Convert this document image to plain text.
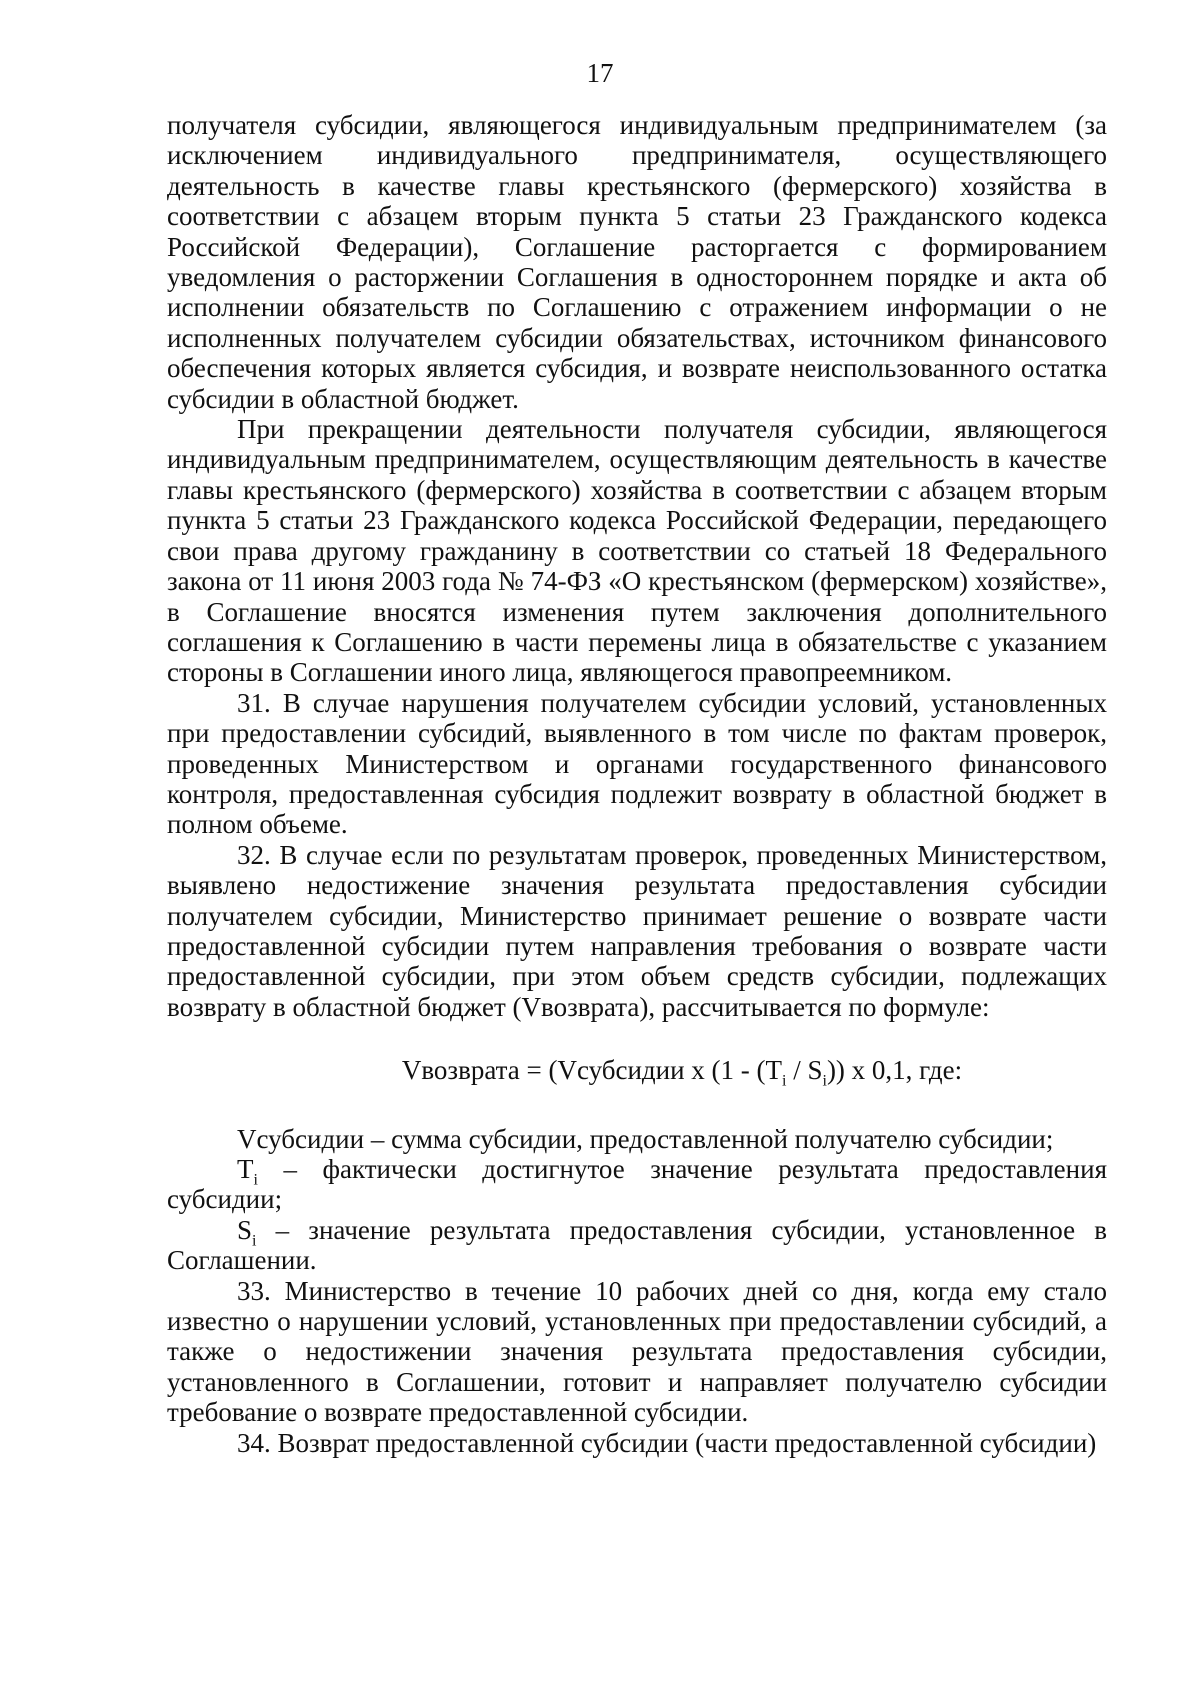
17

получателя субсидии, являющегося индивидуальным предпринимателем (за исключением индивидуального предпринимателя, осуществляющего деятельность в качестве главы крестьянского (фермерского) хозяйства в соответствии с абзацем вторым пункта 5 статьи 23 Гражданского кодекса Российской Федерации), Соглашение расторгается с формированием уведомления о расторжении Соглашения в одностороннем порядке и акта об исполнении обязательств по Соглашению с отражением информации о не исполненных получателем субсидии обязательствах, источником финансового обеспечения которых является субсидия, и возврате неиспользованного остатка субсидии в областной бюджет.

При прекращении деятельности получателя субсидии, являющегося индивидуальным предпринимателем, осуществляющим деятельность в качестве главы крестьянского (фермерского) хозяйства в соответствии с абзацем вторым пункта 5 статьи 23 Гражданского кодекса Российской Федерации, передающего свои права другому гражданину в соответствии со статьей 18 Федерального закона от 11 июня 2003 года № 74-ФЗ «О крестьянском (фермерском) хозяйстве», в Соглашение вносятся изменения путем заключения дополнительного соглашения к Соглашению в части перемены лица в обязательстве с указанием стороны в Соглашении иного лица, являющегося правопреемником.

31. В случае нарушения получателем субсидии условий, установленных при предоставлении субсидий, выявленного в том числе по фактам проверок, проведенных Министерством и органами государственного финансового контроля, предоставленная субсидия подлежит возврату в областной бюджет в полном объеме.

32. В случае если по результатам проверок, проведенных Министерством, выявлено недостижение значения результата предоставления субсидии получателем субсидии, Министерство принимает решение о возврате части предоставленной субсидии путем направления требования о возврате части предоставленной субсидии, при этом объем средств субсидии, подлежащих возврату в областной бюджет (Vвозврата), рассчитывается по формуле:

Vвозврата = (Vсубсидии x $(1 - (T_i / S_i))$ x 0,1, где:

Vсубсидии – сумма субсидии, предоставленной получателю субсидии;

$T_i$ – фактически достигнутое значение результата предоставления субсидии;

$S_i$ – значение результата предоставления субсидии, установленное в Соглашении.

33. Министерство в течение 10 рабочих дней со дня, когда ему стало известно о нарушении условий, установленных при предоставлении субсидий, а также о недостижении значения результата предоставления субсидии, установленного в Соглашении, готовит и направляет получателю субсидии требование о возврате предоставленной субсидии.

34. Возврат предоставленной субсидии (части предоставленной субсидии)
